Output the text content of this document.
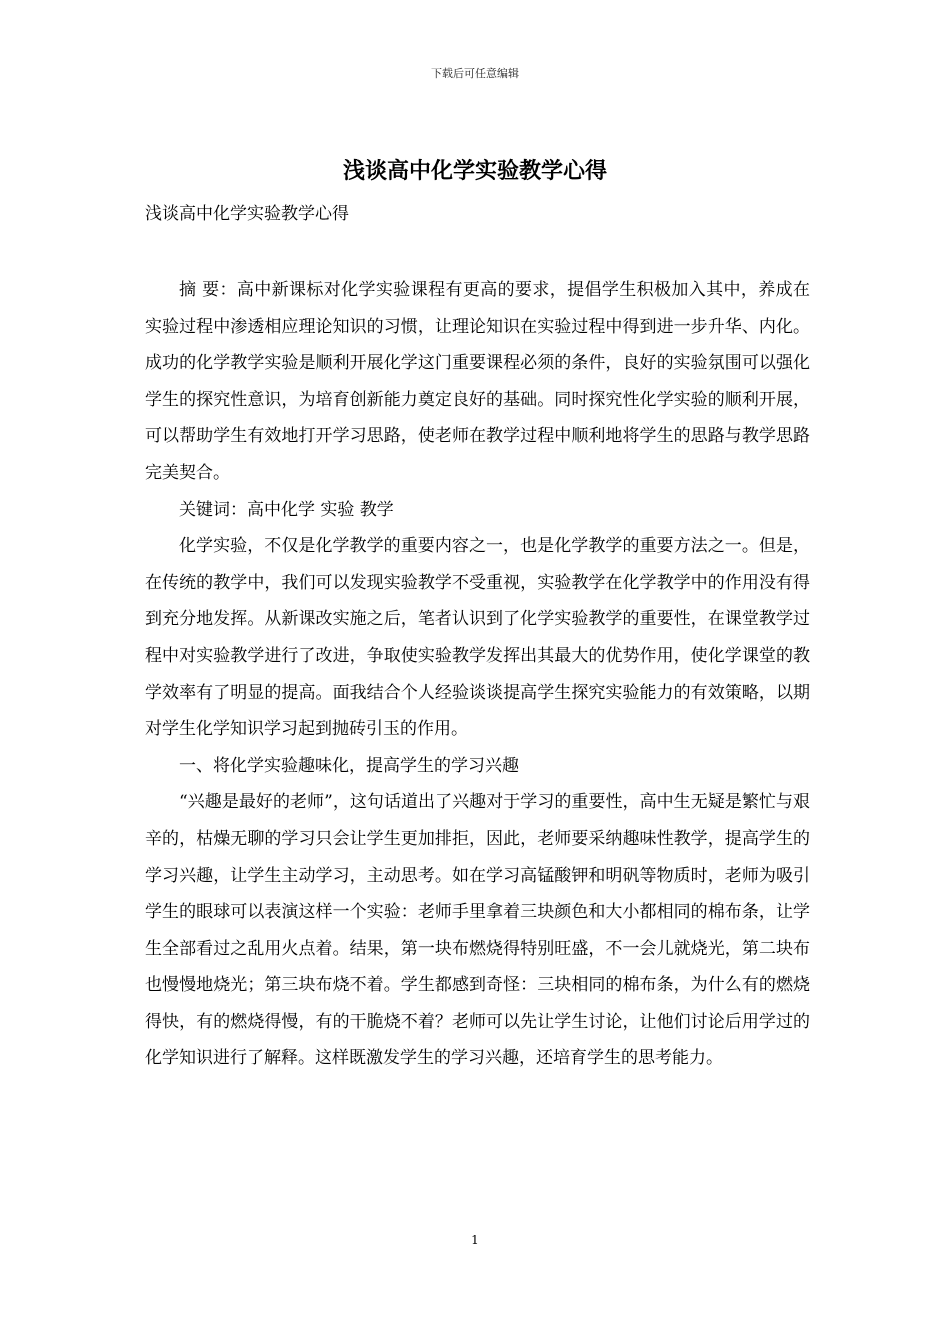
下载后可任意编辑
浅谈高中化学实验教学心得
浅谈高中化学实验教学心得

摘 要：高中新课标对化学实验课程有更高的要求，提倡学生积极加入其中，养成在实验过程中渗透相应理论知识的习惯，让理论知识在实验过程中得到进一步升华、内化。成功的化学教学实验是顺利开展化学这门重要课程必须的条件，良好的实验氛围可以强化学生的探究性意识，为培育创新能力奠定良好的基础。同时探究性化学实验的顺利开展，可以帮助学生有效地打开学习思路，使老师在教学过程中顺利地将学生的思路与教学思路完美契合。

关键词：高中化学 实验 教学

化学实验，不仅是化学教学的重要内容之一，也是化学教学的重要方法之一。但是，在传统的教学中，我们可以发现实验教学不受重视，实验教学在化学教学中的作用没有得到充分地发挥。从新课改实施之后，笔者认识到了化学实验教学的重要性，在课堂教学过程中对实验教学进行了改进，争取使实验教学发挥出其最大的优势作用，使化学课堂的教学效率有了明显的提高。面我结合个人经验谈谈提高学生探究实验能力的有效策略，以期对学生化学知识学习起到抛砖引玉的作用。

一、将化学实验趣味化，提高学生的学习兴趣

“兴趣是最好的老师”，这句话道出了兴趣对于学习的重要性，高中生无疑是繁忙与艰辛的，枯燥无聊的学习只会让学生更加排拒，因此，老师要采纳趣味性教学，提高学生的学习兴趣，让学生主动学习，主动思考。如在学习高锰酸钾和明矾等物质时，老师为吸引学生的眼球可以表演这样一个实验：老师手里拿着三块颜色和大小都相同的棉布条，让学生全部看过之乱用火点着。结果，第一块布燃烧得特别旺盛，不一会儿就烧光，第二块布也慢慢地烧光；第三块布烧不着。学生都感到奇怪：三块相同的棉布条，为什么有的燃烧得快，有的燃烧得慢，有的干脆烧不着？老师可以先让学生讨论，让他们讨论后用学过的化学知识进行了解释。这样既激发学生的学习兴趣，还培育学生的思考能力。

1
